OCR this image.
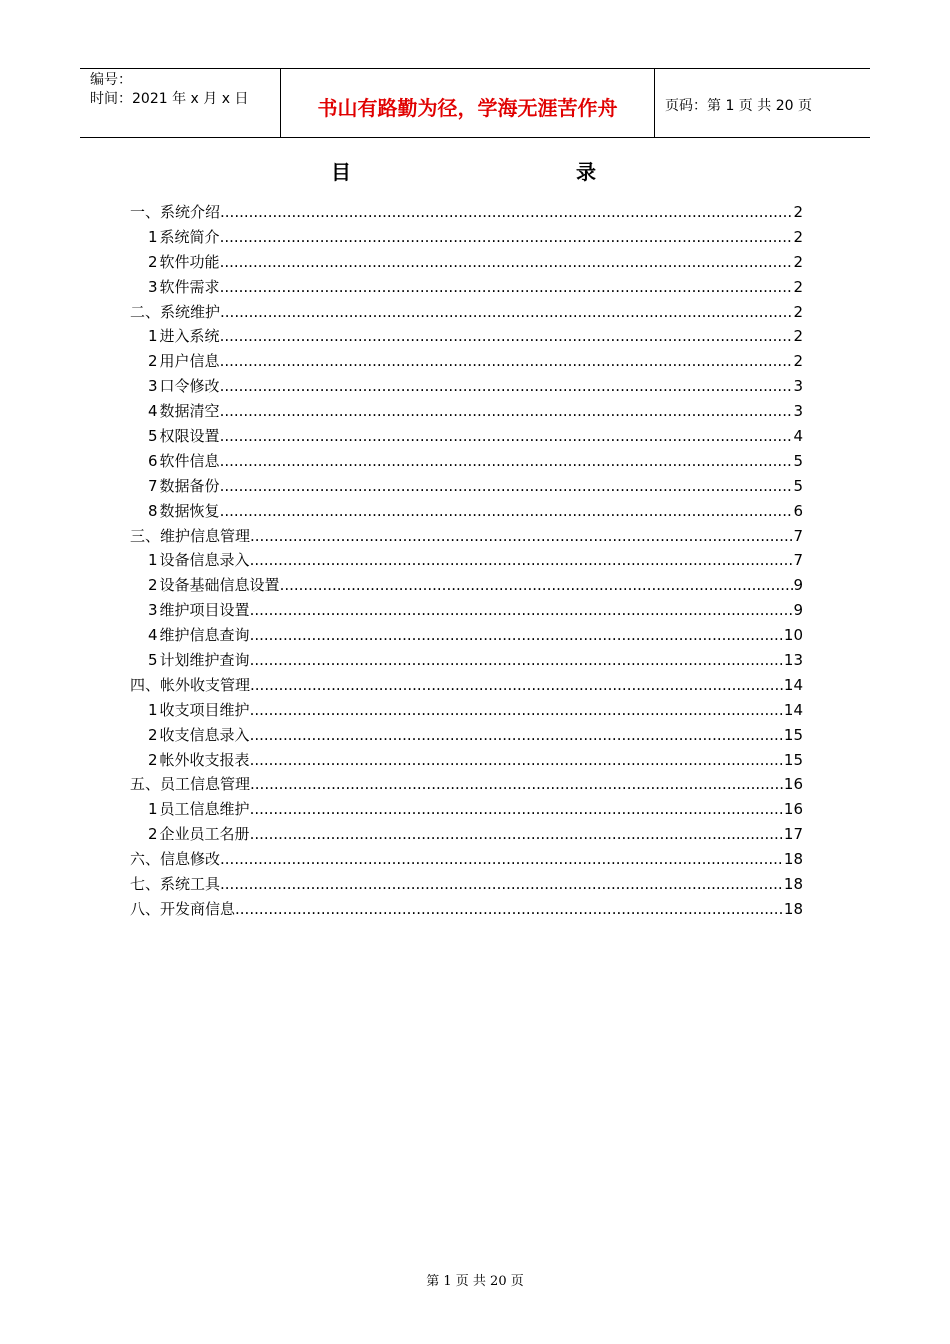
编号：
时间：2021 年 x 月 x 日	书山有路勤为径，学海无涯苦作舟	页码：第 1 页 共 20 页
目	录
一、系统介绍 .....	2
1 系统简介 .....	2
2 软件功能 .....	2
3 软件需求 .....	2
二、系统维护 .....	2
1 进入系统 .....	2
2 用户信息 .....	2
3 口令修改 .....	3
4 数据清空 .....	3
5 权限设置 .....	4
6 软件信息 .....	5
7 数据备份 .....	5
8 数据恢复 .....	6
三、维护信息管理 .....	7
1 设备信息录入 .....	7
2 设备基础信息设置 .....	9
3 维护项目设置 .....	9
4 维护信息查询 .....	10
5 计划维护查询 .....	13
四、帐外收支管理 .....	14
1 收支项目维护 .....	14
2 收支信息录入 .....	15
2 帐外收支报表 .....	15
五、员工信息管理 .....	16
1 员工信息维护 .....	16
2 企业员工名册 .....	17
六、信息修改 .....	18
七、系统工具 .....	18
八、开发商信息 .....	18
第 1 页 共 20 页
